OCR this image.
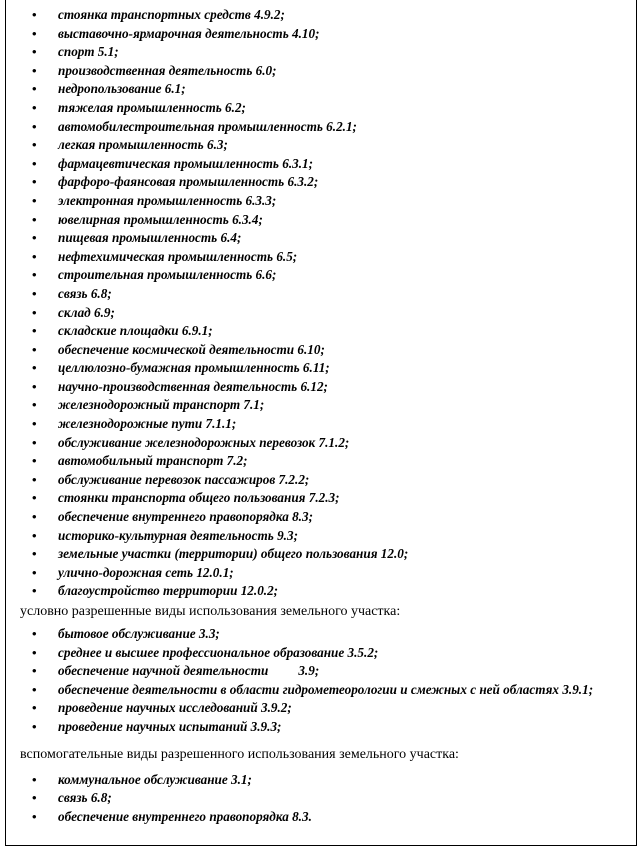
• стоянка транспортных средств 4.9.2;
• выставочно-ярмарочная деятельность 4.10;
• спорт 5.1;
• производственная деятельность 6.0;
• недропользование 6.1;
• тяжелая промышленность 6.2;
• автомобилестроительная промышленность 6.2.1;
• легкая промышленность 6.3;
• фармацевтическая промышленность 6.3.1;
• фарфоро-фаянсовая промышленность 6.3.2;
• электронная промышленность 6.3.3;
• ювелирная промышленность 6.3.4;
• пищевая промышленность 6.4;
• нефтехимическая промышленность 6.5;
• строительная промышленность 6.6;
• связь 6.8;
• склад 6.9;
• складские площадки 6.9.1;
• обеспечение космической деятельности 6.10;
• целлюлозно-бумажная промышленность 6.11;
• научно-производственная деятельность 6.12;
• железнодорожный транспорт 7.1;
• железнодорожные пути 7.1.1;
• обслуживание железнодорожных перевозок 7.1.2;
• автомобильный транспорт 7.2;
• обслуживание перевозок пассажиров 7.2.2;
• стоянки транспорта общего пользования 7.2.3;
• обеспечение внутреннего правопорядка 8.3;
• историко-культурная деятельность 9.3;
• земельные участки (территории) общего пользования 12.0;
• улично-дорожная сеть 12.0.1;
• благоустройство территории 12.0.2;

условно разрешенные виды использования земельного участка:

• бытовое обслуживание 3.3;
• среднее и высшее профессиональное образование 3.5.2;
• обеспечение научной деятельности 3.9;
• обеспечение деятельности в области гидрометеорологии и смежных с ней областях 3.9.1;
• проведение научных исследований 3.9.2;
• проведение научных испытаний 3.9.3;

вспомогательные виды разрешенного использования земельного участка:

• коммунальное обслуживание 3.1;
• связь 6.8;
• обеспечение внутреннего правопорядка 8.3.
